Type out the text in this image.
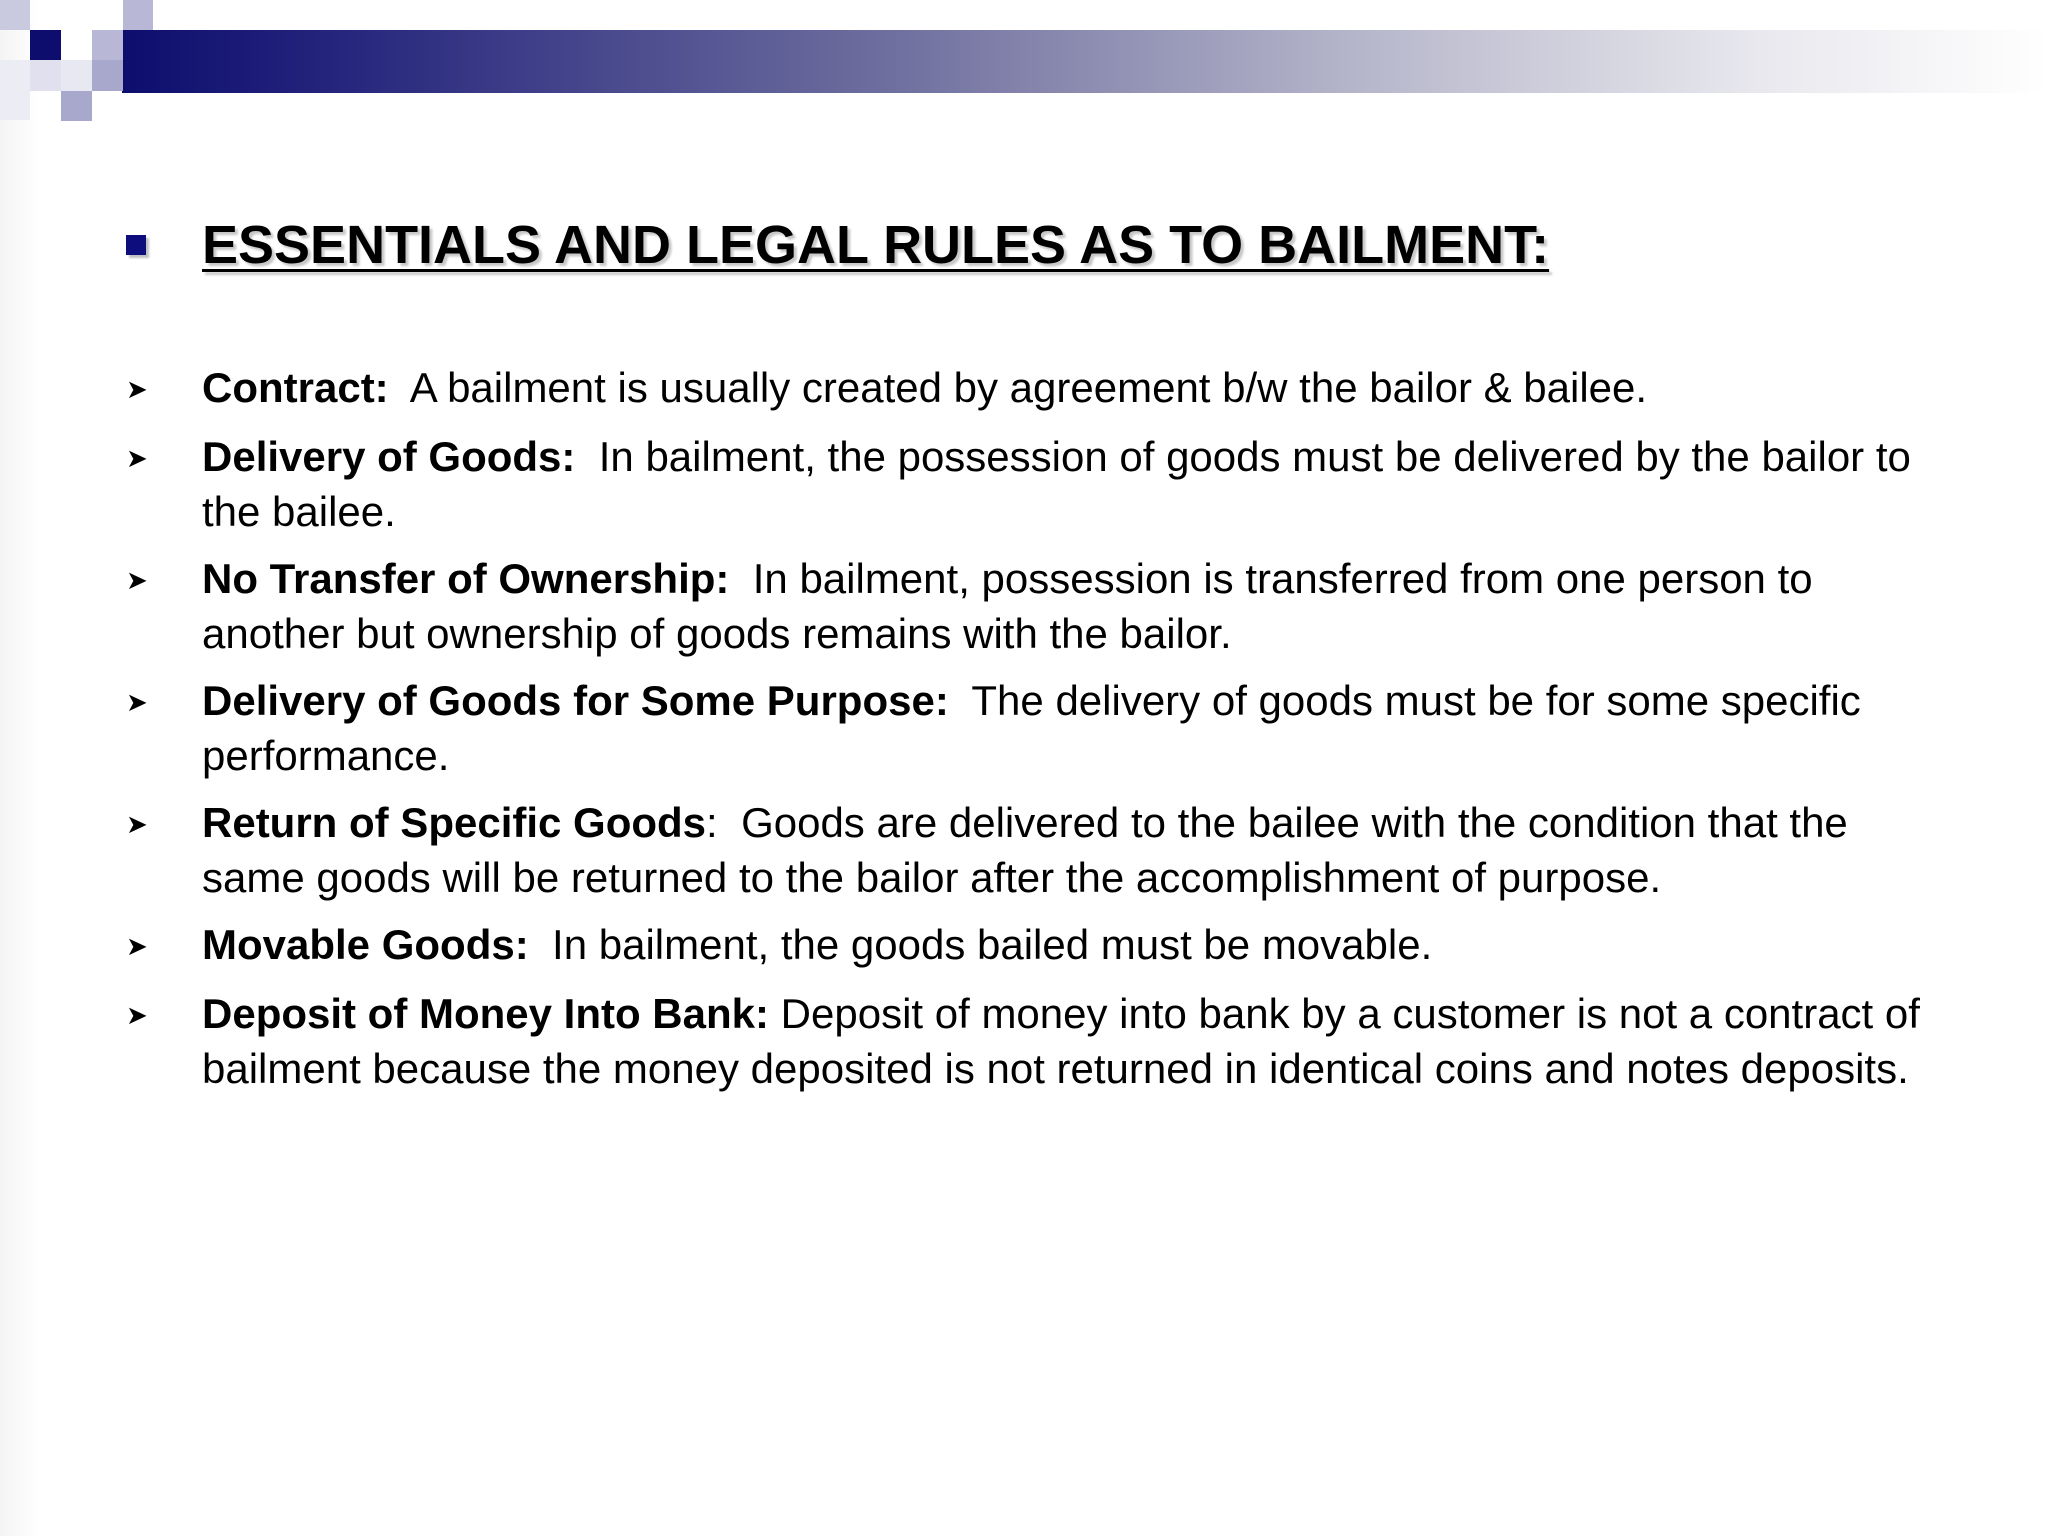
ESSENTIALS AND LEGAL RULES AS TO BAILMENT:
➤	Contract: A bailment is usually created by agreement b/w the bailor & bailee.
➤	Delivery of Goods: In bailment, the possession of goods must be delivered by the bailor to the bailee.
➤	No Transfer of Ownership: In bailment, possession is transferred from one person to another but ownership of goods remains with the bailor.
➤	Delivery of Goods for Some Purpose: The delivery of goods must be for some specific performance.
➤	Return of Specific Goods:  Goods are delivered to the bailee with the condition that the same goods will be returned to the bailor after the accomplishment of purpose.
➤	Movable Goods: In bailment, the goods bailed must be movable.
➤	Deposit of Money Into Bank: Deposit of money into bank by a customer is not a contract of bailment because the money deposited is not returned in identical coins and notes deposits.
